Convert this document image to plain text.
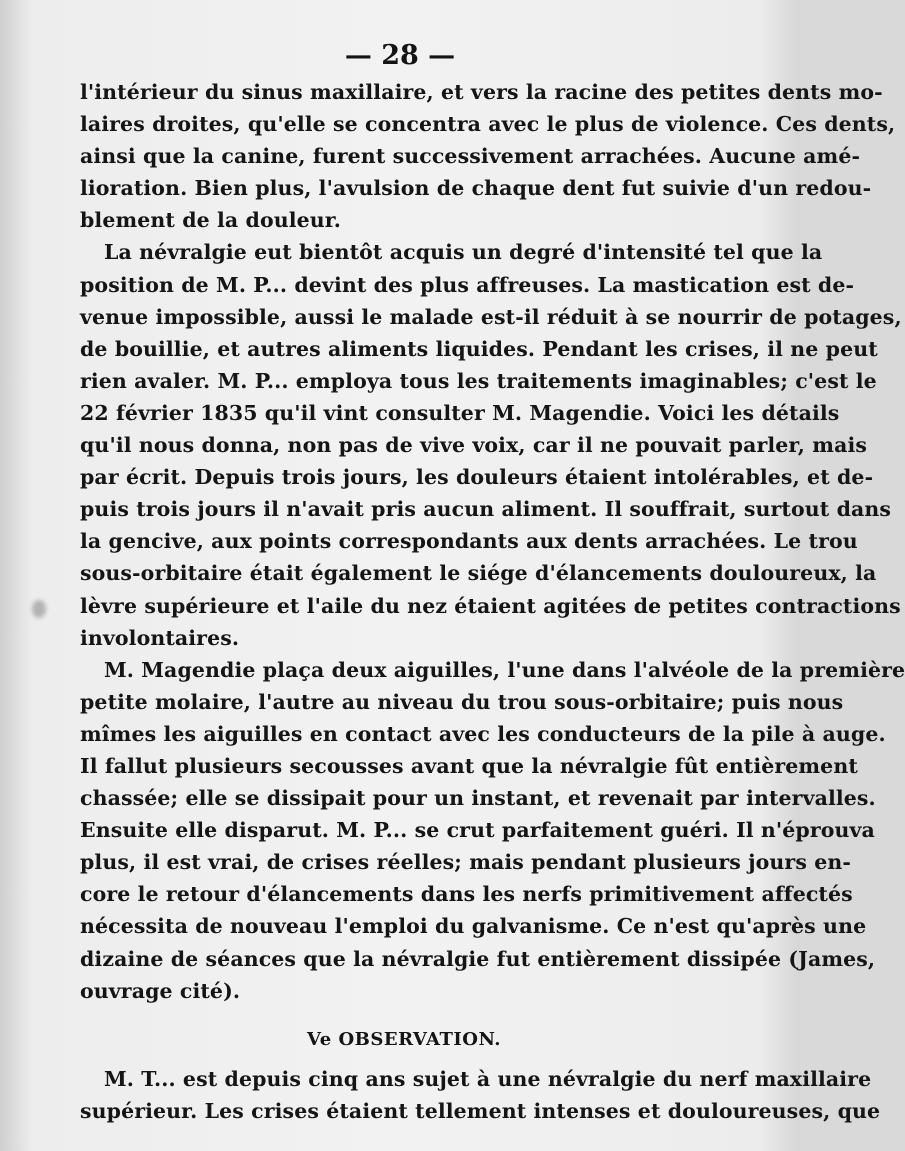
— 28 —
l'intérieur du sinus maxillaire, et vers la racine des petites dents mo-
laires droites, qu'elle se concentra avec le plus de violence. Ces dents,
ainsi que la canine, furent successivement arrachées. Aucune amé-
lioration. Bien plus, l'avulsion de chaque dent fut suivie d'un redou-
blement de la douleur.
La névralgie eut bientôt acquis un degré d'intensité tel que la
position de M. P... devint des plus affreuses. La mastication est de-
venue impossible, aussi le malade est-il réduit à se nourrir de potages,
de bouillie, et autres aliments liquides. Pendant les crises, il ne peut
rien avaler. M. P... employa tous les traitements imaginables; c'est le
22 février 1835 qu'il vint consulter M. Magendie. Voici les détails
qu'il nous donna, non pas de vive voix, car il ne pouvait parler, mais
par écrit. Depuis trois jours, les douleurs étaient intolérables, et de-
puis trois jours il n'avait pris aucun aliment. Il souffrait, surtout dans
la gencive, aux points correspondants aux dents arrachées. Le trou
sous-orbitaire était également le siége d'élancements douloureux, la
lèvre supérieure et l'aile du nez étaient agitées de petites contractions
involontaires.
M. Magendie plaça deux aiguilles, l'une dans l'alvéole de la première
petite molaire, l'autre au niveau du trou sous-orbitaire; puis nous
mîmes les aiguilles en contact avec les conducteurs de la pile à auge.
Il fallut plusieurs secousses avant que la névralgie fût entièrement
chassée; elle se dissipait pour un instant, et revenait par intervalles.
Ensuite elle disparut. M. P... se crut parfaitement guéri. Il n'éprouva
plus, il est vrai, de crises réelles; mais pendant plusieurs jours en-
core le retour d'élancements dans les nerfs primitivement affectés
nécessita de nouveau l'emploi du galvanisme. Ce n'est qu'après une
dizaine de séances que la névralgie fut entièrement dissipée (James,
ouvrage cité).
Ve OBSERVATION.
M. T... est depuis cinq ans sujet à une névralgie du nerf maxillaire
supérieur. Les crises étaient tellement intenses et douloureuses, que
